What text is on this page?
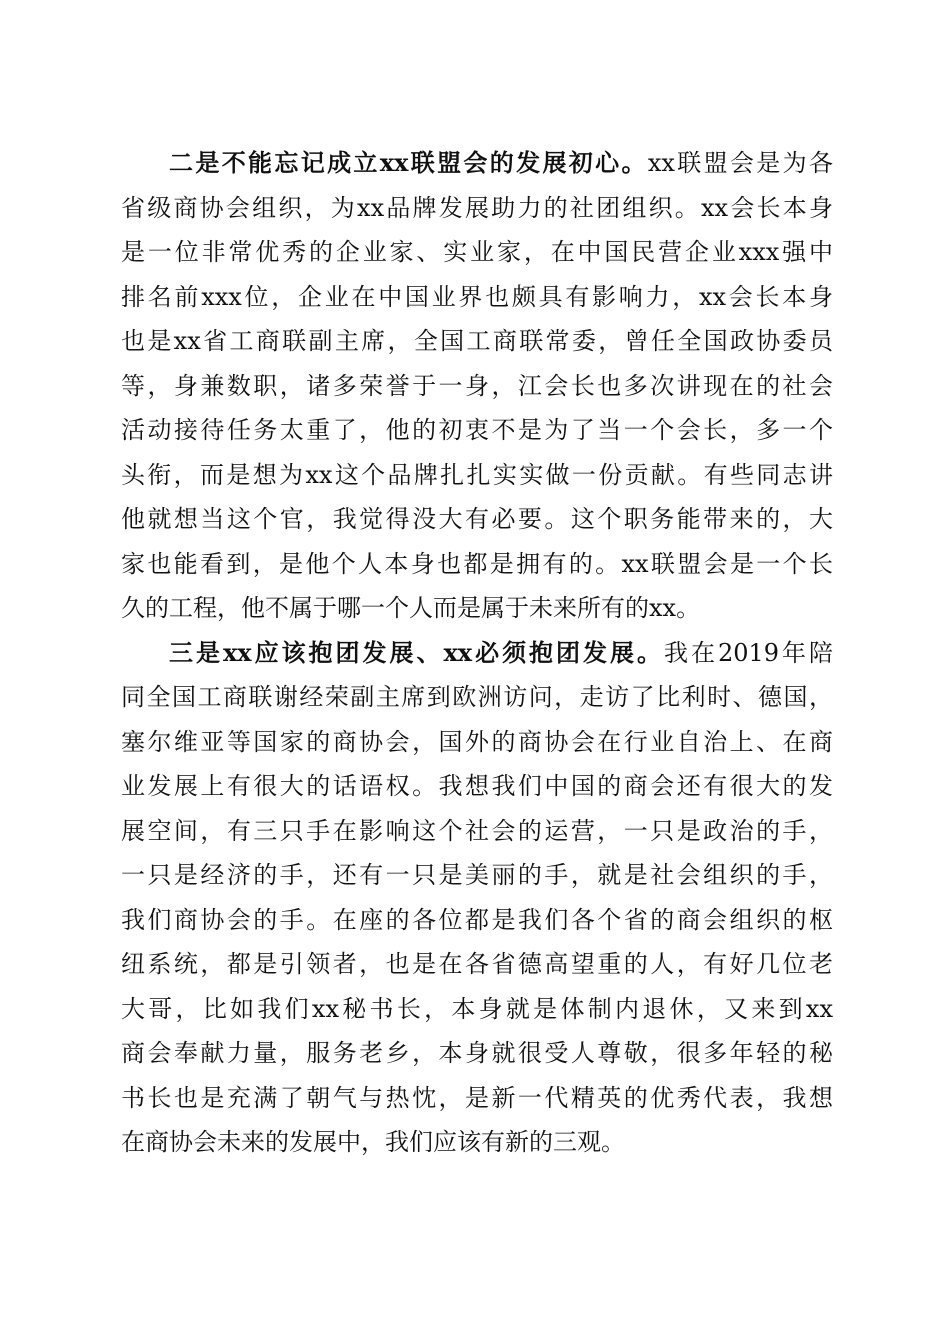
二是不能忘记成立xx联盟会的发展初心。xx联盟会是为各
省级商协会组织，为xx品牌发展助力的社团组织。xx会长本身
是一位非常优秀的企业家、实业家，在中国民营企业xxx强中
排名前xxx位，企业在中国业界也颇具有影响力，xx会长本身
也是xx省工商联副主席，全国工商联常委，曾任全国政协委员
等，身兼数职，诸多荣誉于一身，江会长也多次讲现在的社会
活动接待任务太重了，他的初衷不是为了当一个会长，多一个
头衔，而是想为xx这个品牌扎扎实实做一份贡献。有些同志讲
他就想当这个官，我觉得没大有必要。这个职务能带来的，大
家也能看到，是他个人本身也都是拥有的。xx联盟会是一个长
久的工程，他不属于哪一个人而是属于未来所有的xx。

三是xx应该抱团发展、xx必须抱团发展。我在2019年陪
同全国工商联谢经荣副主席到欧洲访问，走访了比利时、德国，
塞尔维亚等国家的商协会，国外的商协会在行业自治上、在商
业发展上有很大的话语权。我想我们中国的商会还有很大的发
展空间，有三只手在影响这个社会的运营，一只是政治的手，
一只是经济的手，还有一只是美丽的手，就是社会组织的手，
我们商协会的手。在座的各位都是我们各个省的商会组织的枢
纽系统，都是引领者，也是在各省德高望重的人，有好几位老
大哥，比如我们xx秘书长，本身就是体制内退休，又来到xx
商会奉献力量，服务老乡，本身就很受人尊敬，很多年轻的秘
书长也是充满了朝气与热忱，是新一代精英的优秀代表，我想
在商协会未来的发展中，我们应该有新的三观。
